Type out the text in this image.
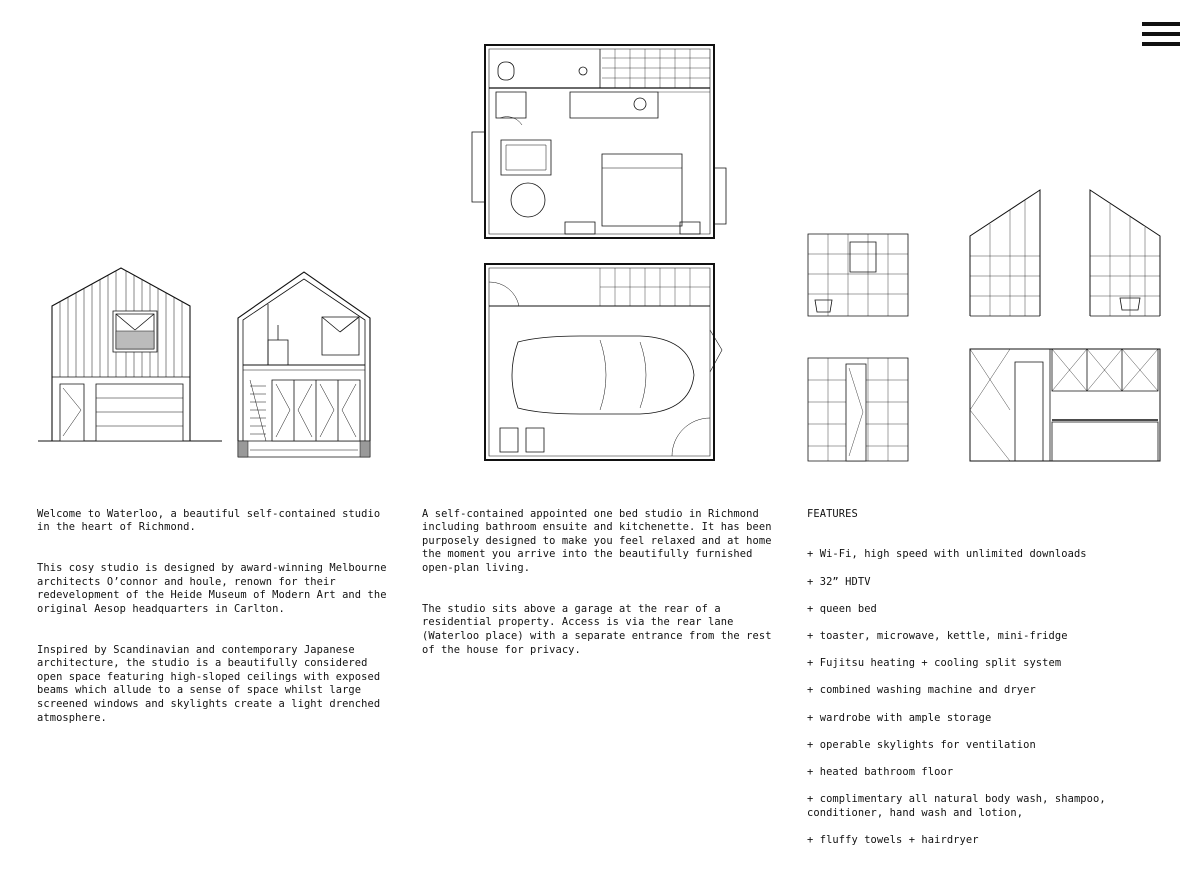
Welcome to Waterloo, a beautiful self-contained studio in the heart of Richmond.

This cosy studio is designed by award-winning Melbourne architects O’connor and houle, renown for their redevelopment of the Heide Museum of Modern Art and the original Aesop headquarters in Carlton.

Inspired by Scandinavian and contemporary Japanese architecture, the studio is a beautifully considered open space featuring high-sloped ceilings with exposed beams which allude to a sense of space whilst large screened windows and skylights create a light drenched atmosphere.

A self-contained appointed one bed studio in Richmond including bathroom ensuite and kitchenette. It has been purposely designed to make you feel relaxed and at home the moment you arrive into the beautifully furnished open-plan living.

The studio sits above a garage at the rear of a residential property. Access is via the rear lane (Waterloo place) with a separate entrance from the rest of the house for privacy.

FEATURES

+ Wi-Fi, high speed with unlimited downloads

+ 32” HDTV

+ queen bed

+ toaster, microwave, kettle, mini-fridge

+ Fujitsu heating + cooling split system

+ combined washing machine and dryer

+ wardrobe with ample storage

+ operable skylights for ventilation

+ heated bathroom floor

+ complimentary all natural body wash, shampoo, conditioner, hand wash and lotion,

+ fluffy towels + hairdryer
